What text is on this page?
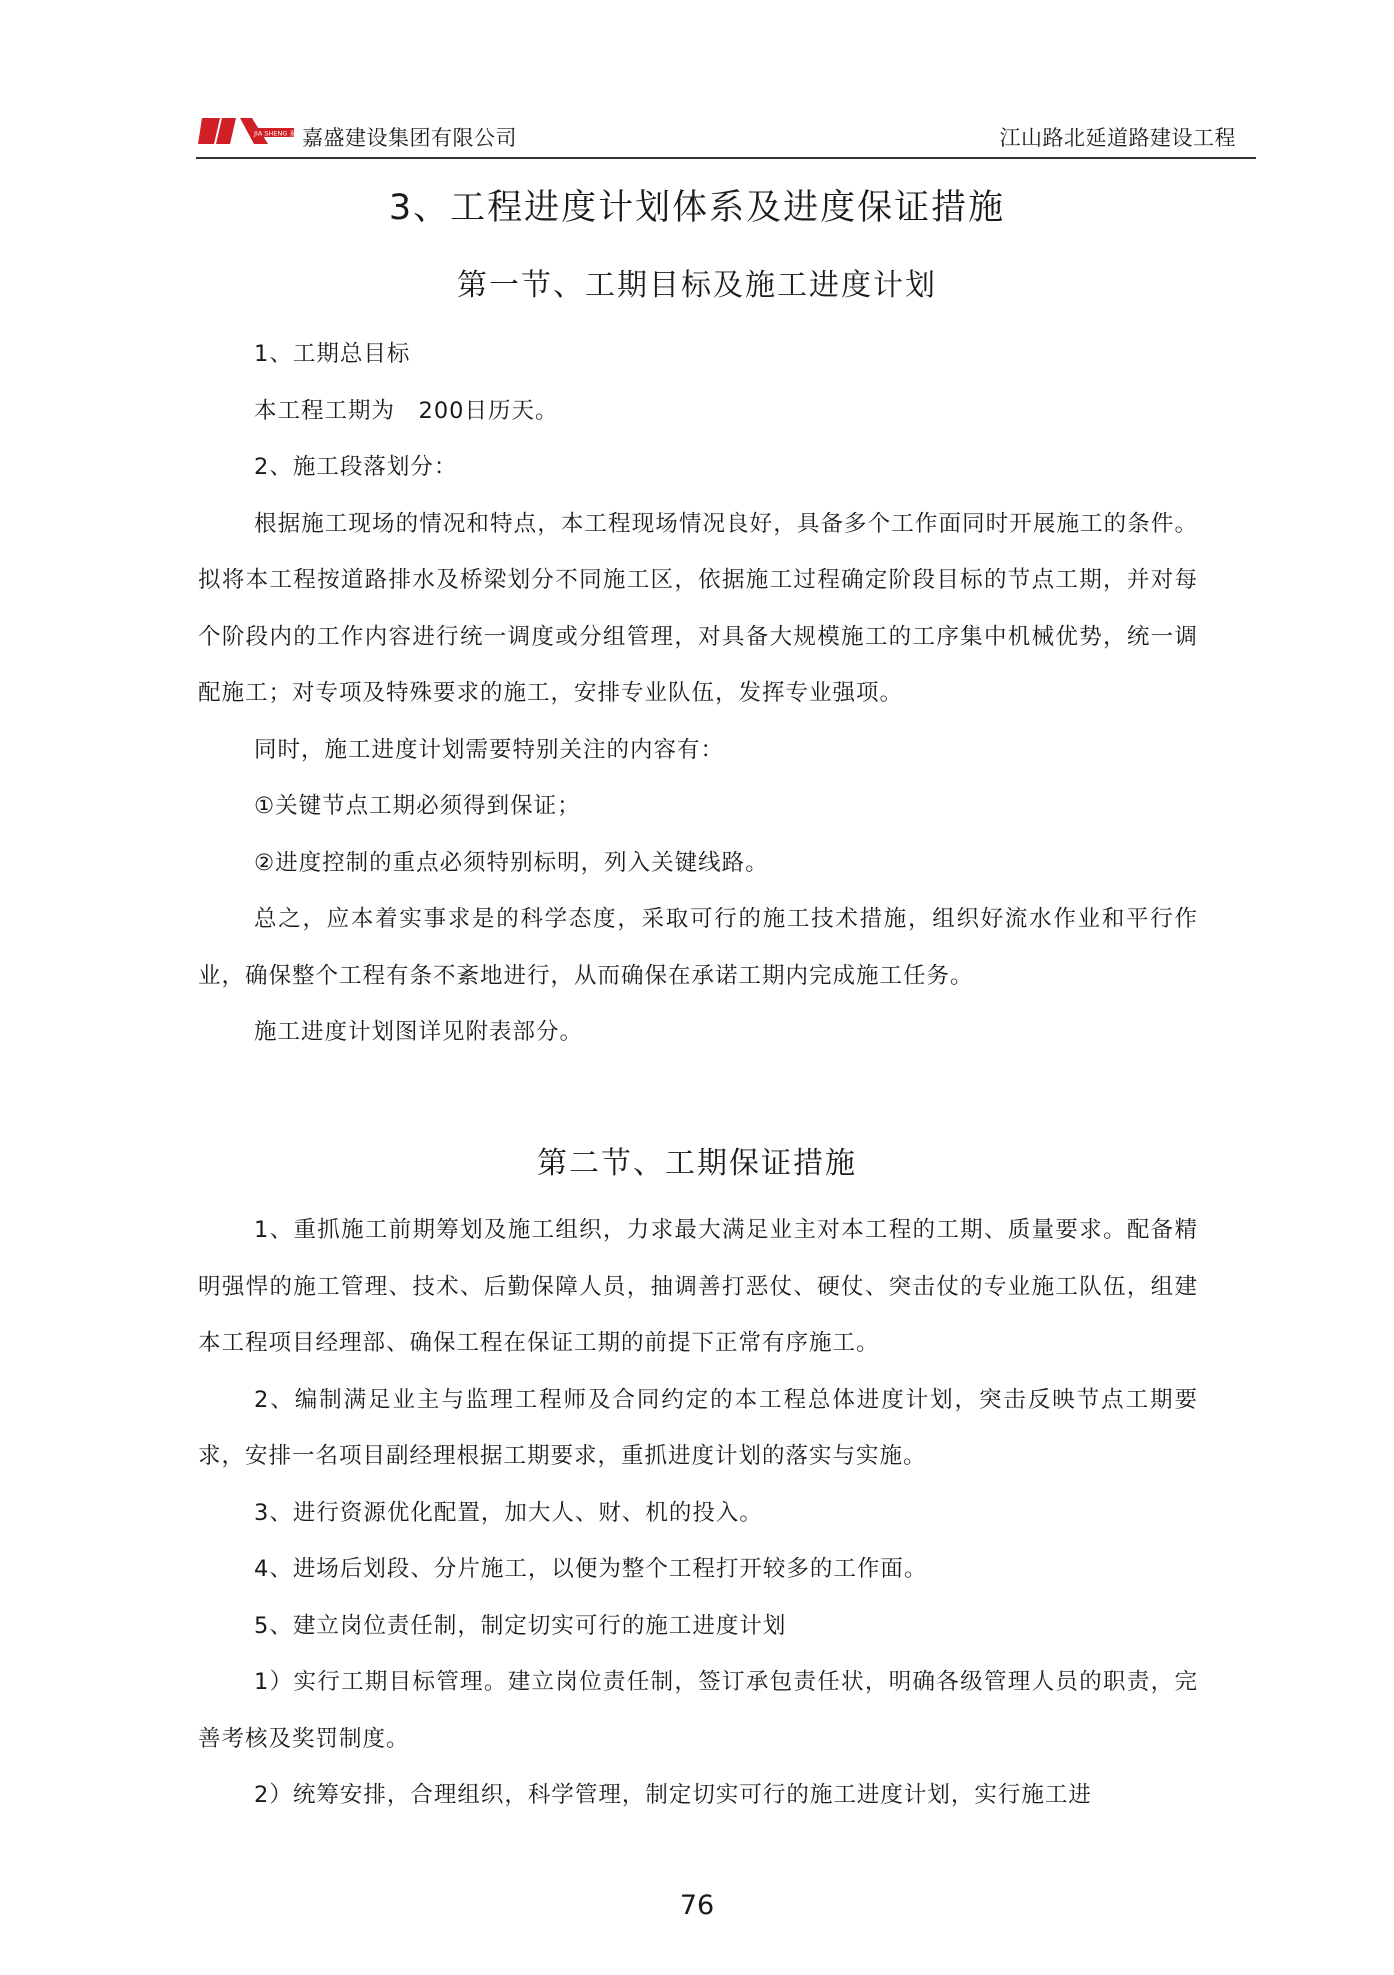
JIA SHENG 嘉盛 嘉盛建设集团有限公司	江山路北延道路建设工程
3、工程进度计划体系及进度保证措施
第一节、工期目标及施工进度计划

1、工期总目标

本工程工期为　200日历天。

2、施工段落划分：

根据施工现场的情况和特点，本工程现场情况良好，具备多个工作面同时开展施工的条件。拟将本工程按道路排水及桥梁划分不同施工区，依据施工过程确定阶段目标的节点工期，并对每个阶段内的工作内容进行统一调度或分组管理，对具备大规模施工的工序集中机械优势，统一调配施工；对专项及特殊要求的施工，安排专业队伍，发挥专业强项。

同时，施工进度计划需要特别关注的内容有：

①关键节点工期必须得到保证；

②进度控制的重点必须特别标明，列入关键线路。

总之，应本着实事求是的科学态度，采取可行的施工技术措施，组织好流水作业和平行作业，确保整个工程有条不紊地进行，从而确保在承诺工期内完成施工任务。

施工进度计划图详见附表部分。

第二节、工期保证措施

1、重抓施工前期筹划及施工组织，力求最大满足业主对本工程的工期、质量要求。配备精明强悍的施工管理、技术、后勤保障人员，抽调善打恶仗、硬仗、突击仗的专业施工队伍，组建本工程项目经理部、确保工程在保证工期的前提下正常有序施工。

2、编制满足业主与监理工程师及合同约定的本工程总体进度计划，突击反映节点工期要求，安排一名项目副经理根据工期要求，重抓进度计划的落实与实施。

3、进行资源优化配置，加大人、财、机的投入。

4、进场后划段、分片施工，以便为整个工程打开较多的工作面。

5、建立岗位责任制，制定切实可行的施工进度计划

1）实行工期目标管理。建立岗位责任制，签订承包责任状，明确各级管理人员的职责，完善考核及奖罚制度。

2）统筹安排，合理组织，科学管理，制定切实可行的施工进度计划，实行施工进

76
